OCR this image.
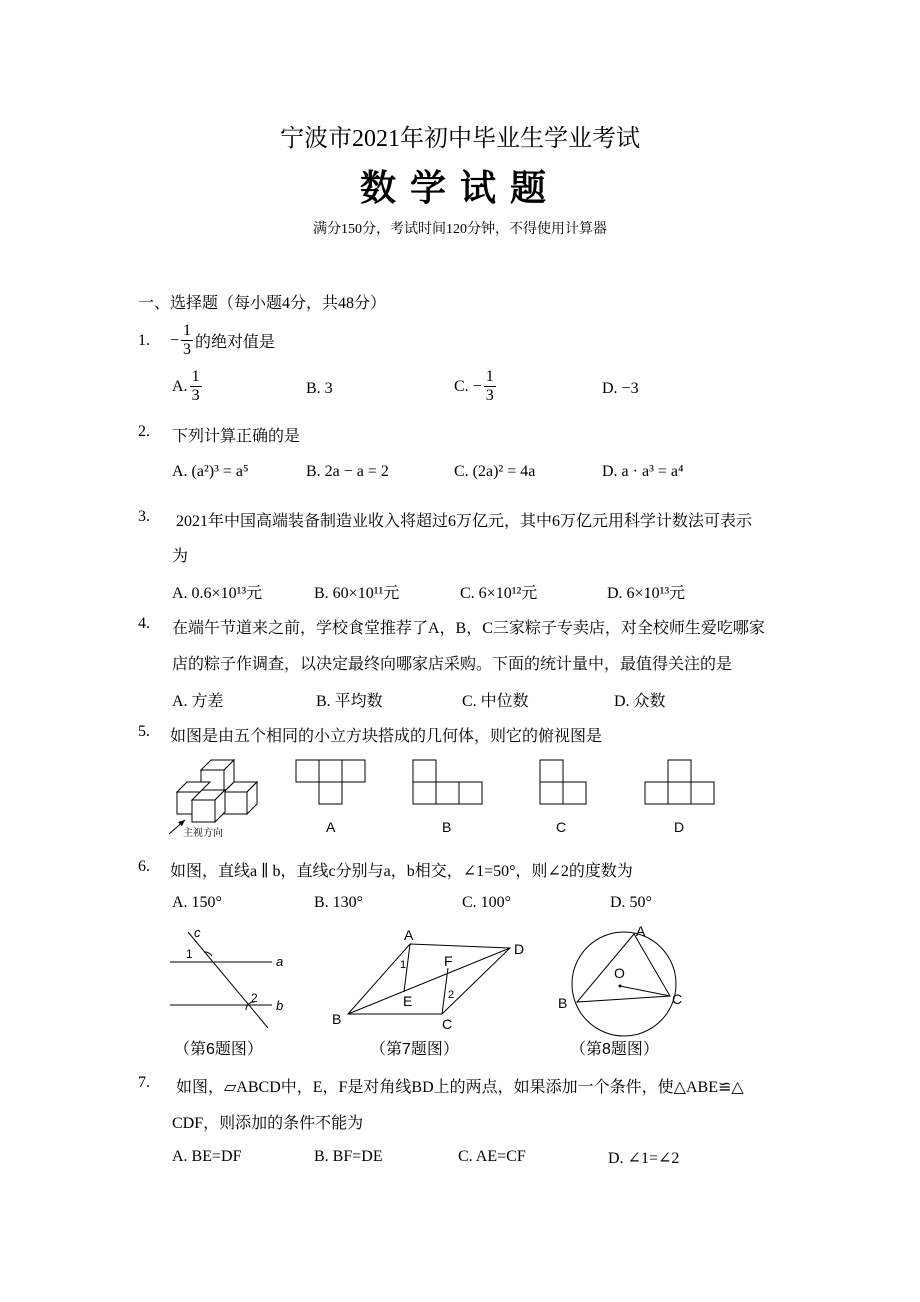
宁波市2021年初中毕业生学业考试
数学试题
满分150分，考试时间120分钟，不得使用计算器
一、选择题（每小题4分，共48分）
1. − $\frac{1}{3}$ 的绝对值是
A. $\frac{1}{3}$	B. 3	C. − $\frac{1}{3}$	D. −3
2. 下列计算正确的是
A. (a²)³ = a⁵	B. 2a − a = 2	C. (2a)² = 4a	D. a · a³ = a⁴
3. 2021年中国高端装备制造业收入将超过6万亿元，其中6万亿元用科学计数法可表示
为
A. 0.6×10¹³元	B. 60×10¹¹元	C. 6×10¹²元	D. 6×10¹³元
4. 在端午节道来之前，学校食堂推荐了A，B，C三家粽子专卖店，对全校师生爱吃哪家
店的粽子作调查，以决定最终向哪家店采购。下面的统计量中，最值得关注的是
A. 方差	B. 平均数	C. 中位数	D. 众数
5. 如图是由五个相同的小立方块搭成的几何体，则它的俯视图是
主视方向	A	B	C	D
6. 如图，直线a ∥ b，直线c分别与a，b相交，∠1=50°，则∠2的度数为
A. 150°	B. 130°	C. 100°	D. 50°
c
a
b
1
2
（第6题图）
A
D
B	C
E
F
1
2
（第7题图）
A
B	C
O
（第8题图）
7. 如图，▱ABCD中，E，F是对角线BD上的两点，如果添加一个条件，使△ABE≌△
CDF，则添加的条件不能为
A. BE=DF	B. BF=DE	C. AE=CF	D. ∠1=∠2
